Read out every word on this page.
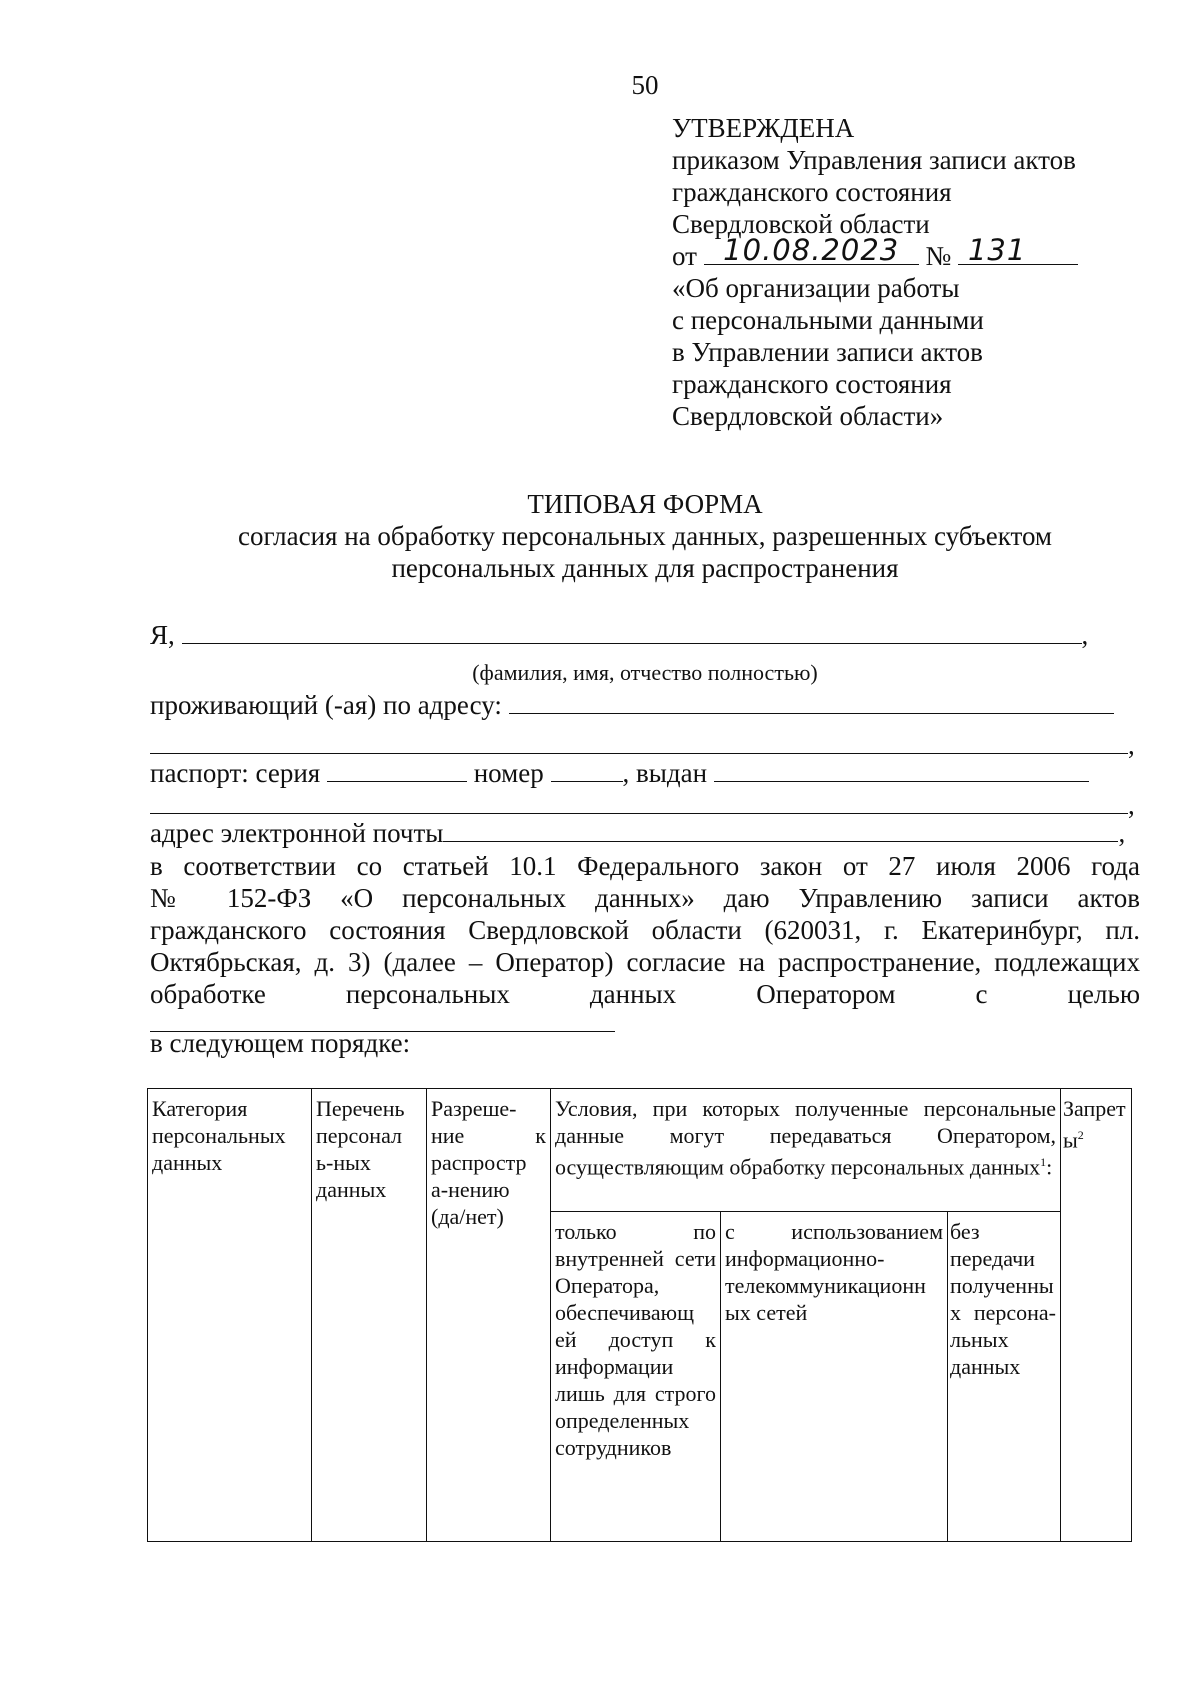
50
УТВЕРЖДЕНА
приказом Управления записи актов
гражданского состояния
Свердловской области
от 10.08.2023 № 131
«Об организации работы
с персональными данными
в Управлении записи актов
гражданского состояния
Свердловской области»
ТИПОВАЯ ФОРМА
согласия на обработку персональных данных, разрешенных субъектом
персональных данных для распространения
Я,	,
(фамилия, имя, отчество полностью)
проживающий (-ая) по адресу:
,
паспорт: серия	номер	, выдан
,
адрес электронной почты	,
в соответствии со статьей 10.1 Федерального закон от 27 июля 2006 года
№ 152-ФЗ «О персональных данных» даю Управлению записи актов
гражданского состояния Свердловской области (620031, г. Екатеринбург, пл.
Октябрьская, д. 3) (далее – Оператор) согласие на распространение, подлежащих
обработке персональных данных Оператором с целью
в следующем порядке:
Категория персональных данных	Перечень персонал ь-ных данных	Разреше- ние к распростр а-нению (да/нет)	Условия, при которых полученные персональные данные могут передаваться Оператором, осуществляющим обработку персональных данных$^1$:			Запрет $ы^2$
			только по внутренней сети Оператора, обеспечивающ ей доступ к информации лишь для строго определенных сотрудников	с использованием информационно- телекоммуникационн ых сетей	без передачи полученны х персона- льных данных	
